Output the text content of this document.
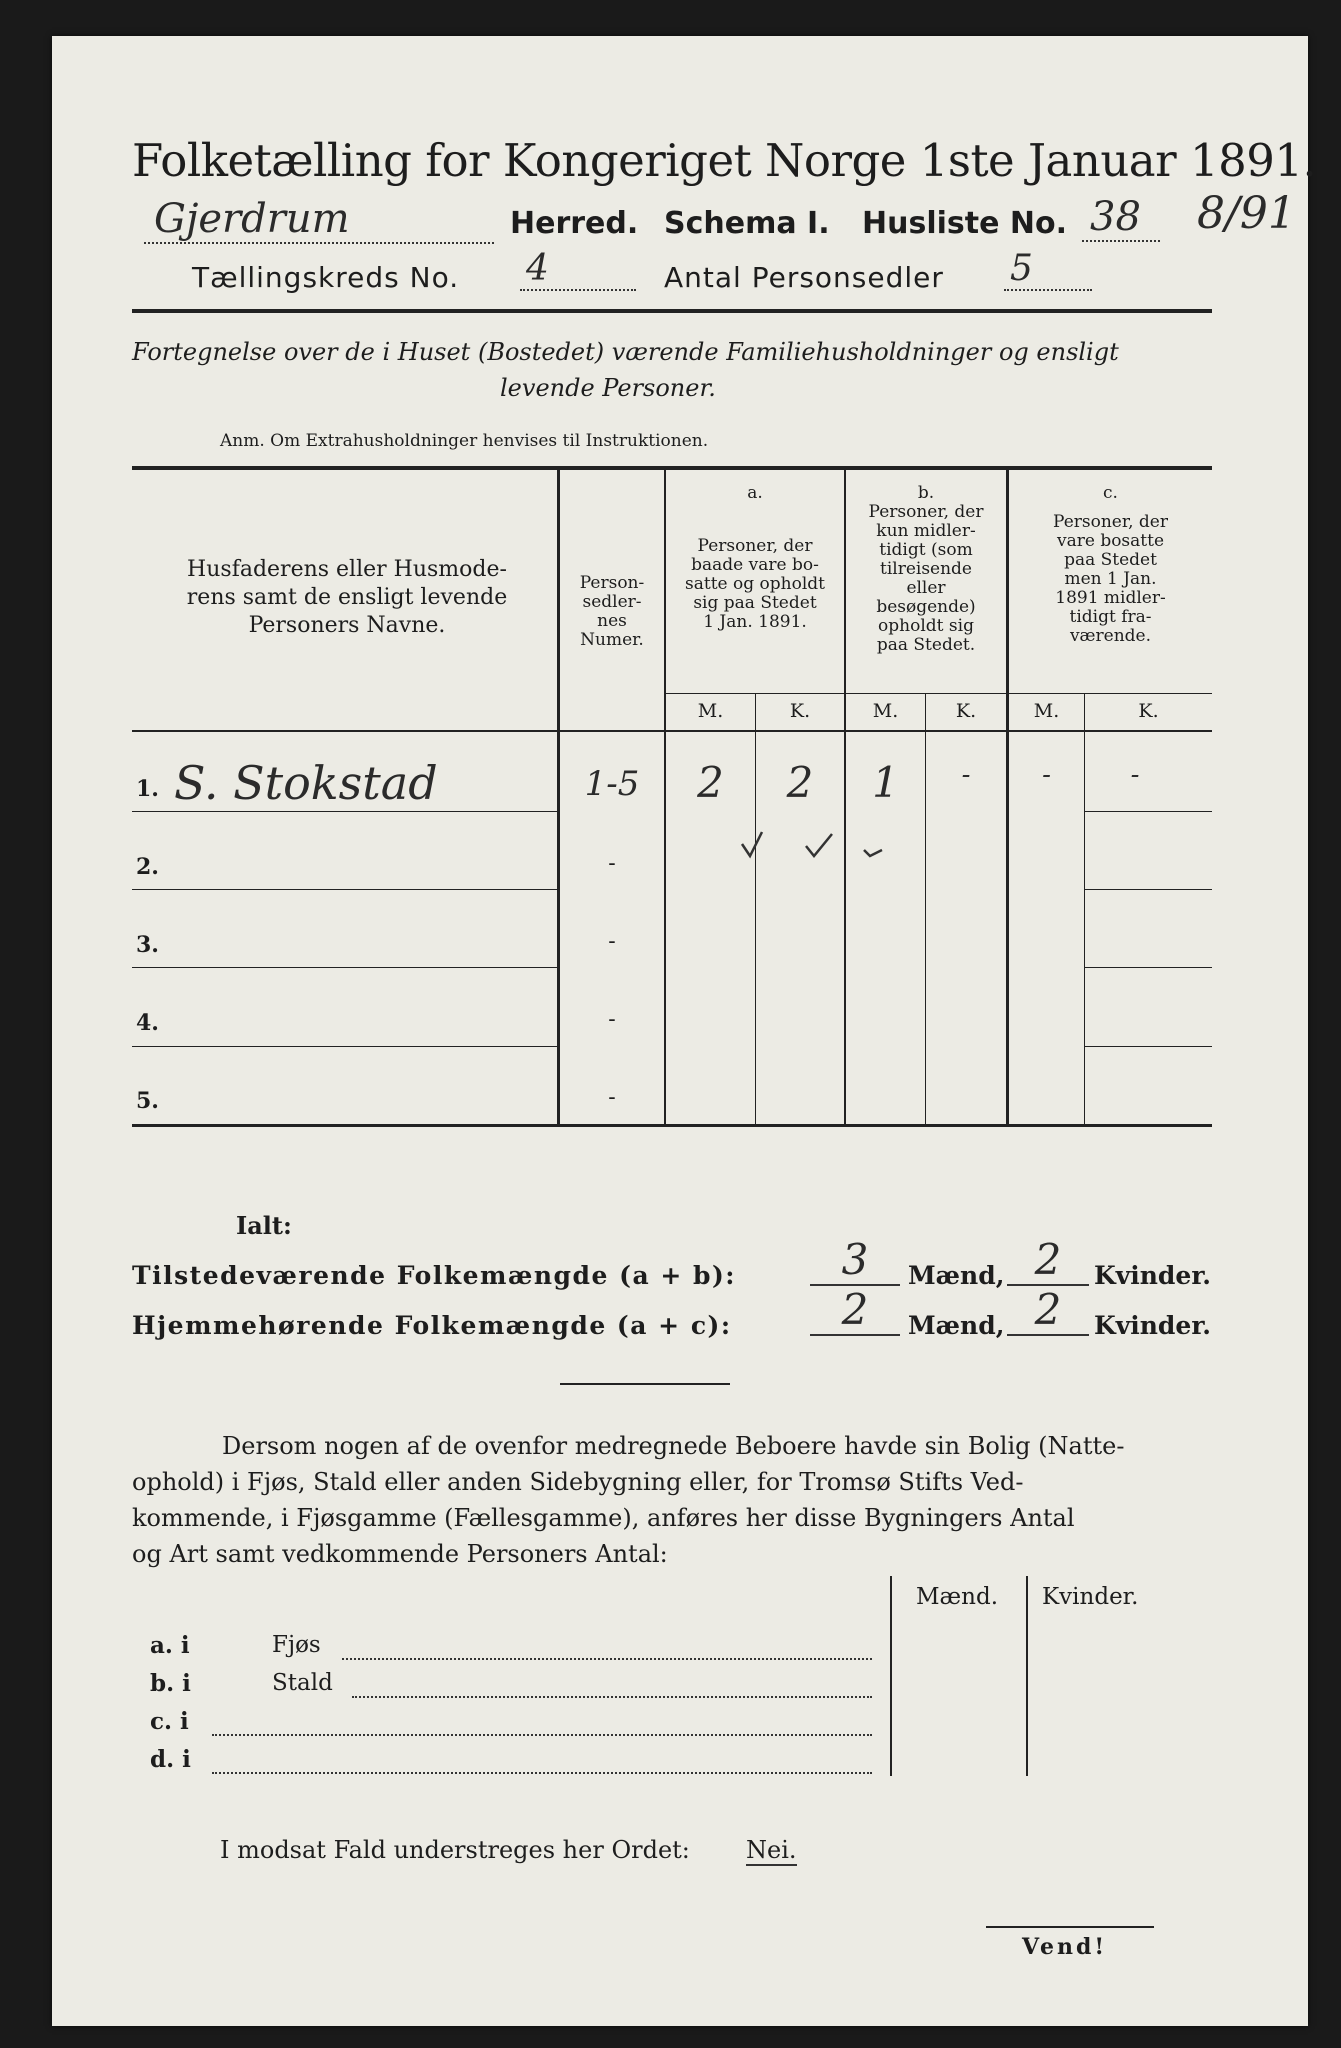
Folketælling for Kongeriget Norge 1ste Januar 1891.
Gjerdrum	Herred. Schema I. Husliste No. 38	8/91
Tællingskreds No. 4	Antal Personsedler 5
Fortegnelse over de i Huset (Bostedet) værende Familiehusholdninger og ensligt
levende Personer.
Anm. Om Extrahusholdninger henvises til Instruktionen.
Husfaderens eller Husmode-
rens samt de ensligt levende
Personers Navne.
Person-
sedler-
nes
Numer.
a.
Personer, der
baade vare bo-
satte og opholdt
sig paa Stedet
1 Jan. 1891.
b.
Personer, der
kun midler-
tidigt (som
tilreisende
eller
besøgende)
opholdt sig
paa Stedet.
c.
Personer, der
vare bosatte
paa Stedet
men 1 Jan.
1891 midler-
tidigt fra-
værende.
M.	K.	M.	K.	M.	K.
1. S. Stokstad	1-5	2	2	1	-	-	-
2.	-
3.	-
4.	-
5.	-
Ialt:
Tilstedeværende Folkemængde (a + b):	3	Mænd, 2	Kvinder.
Hjemmehørende Folkemængde (a + c):	2	Mænd, 2	Kvinder.
Dersom nogen af de ovenfor medregnede Beboere havde sin Bolig (Natte-
ophold) i Fjøs, Stald eller anden Sidebygning eller, for Tromsø Stifts Ved-
kommende, i Fjøsgamme (Fællesgamme), anføres her disse Bygningers Antal
og Art samt vedkommende Personers Antal:
Mænd. Kvinder.
a. i	Fjøs
b. i	Stald
c. i
d. i
I modsat Fald understreges her Ordet: Nei.
Vend!
